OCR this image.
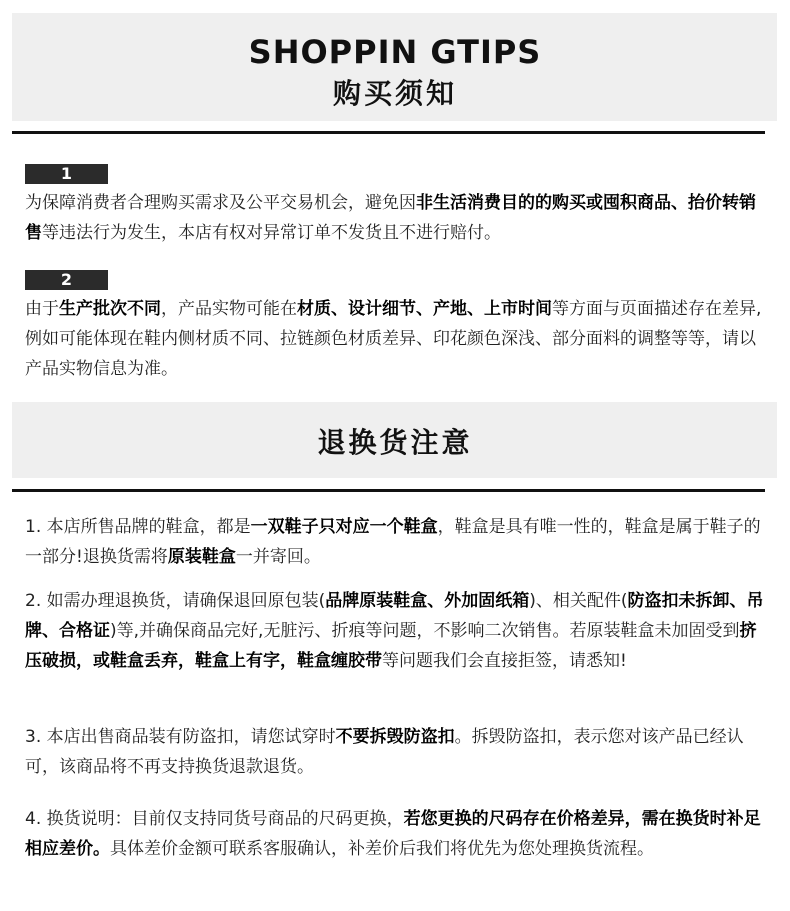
SHOPPIN GTIPS
购买须知
1

为保障消费者合理购买需求及公平交易机会，避免因非生活消费目的的购买或囤积商品、抬价转销售等违法行为发生，本店有权对异常订单不发货且不进行赔付。

2

由于生产批次不同，产品实物可能在材质、设计细节、产地、上市时间等方面与页面描述存在差异,例如可能体现在鞋内侧材质不同、拉链颜色材质差异、印花颜色深浅、部分面料的调整等等，请以产品实物信息为准。

退换货注意

1. 本店所售品牌的鞋盒，都是一双鞋子只对应一个鞋盒，鞋盒是具有唯一性的，鞋盒是属于鞋子的一部分!退换货需将原装鞋盒一并寄回。

2. 如需办理退换货，请确保退回原包装(品牌原装鞋盒、外加固纸箱)、相关配件(防盗扣未拆卸、吊牌、合格证)等,并确保商品完好,无脏污、折痕等问题，不影响二次销售。若原装鞋盒未加固受到挤压破损，或鞋盒丢弃，鞋盒上有字，鞋盒缠胶带等问题我们会直接拒签，请悉知!

3. 本店出售商品装有防盗扣，请您试穿时不要拆毁防盗扣。拆毁防盗扣，表示您对该产品已经认可，该商品将不再支持换货退款退货。

4. 换货说明：目前仅支持同货号商品的尺码更换，若您更换的尺码存在价格差异，需在换货时补足相应差价。具体差价金额可联系客服确认，补差价后我们将优先为您处理换货流程。
